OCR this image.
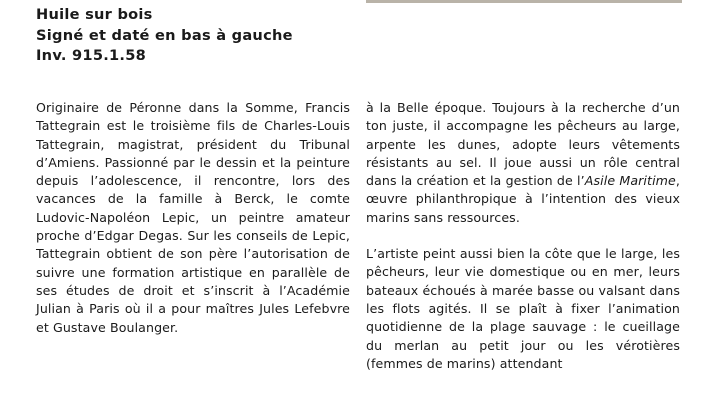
Huile sur bois
Signé et daté en bas à gauche
Inv. 915.1.58

Originaire de Péronne dans la Somme, Francis Tattegrain est le troisième fils de Charles-Louis Tattegrain, magistrat, président du Tribunal d’Amiens. Passionné par le dessin et la peinture depuis l’adolescence, il rencontre, lors des vacances de la famille à Berck, le comte Ludovic-Napoléon Lepic, un peintre amateur proche d’Edgar Degas. Sur les conseils de Lepic, Tattegrain obtient de son père l’autorisation de suivre une formation artistique en parallèle de ses études de droit et s’inscrit à l’Académie Julian à Paris où il a pour maîtres Jules Lefebvre et Gustave Boulanger.

à la Belle époque. Toujours à la recherche d’un ton juste, il accompagne les pêcheurs au large, arpente les dunes, adopte leurs vêtements résistants au sel. Il joue aussi un rôle central dans la création et la gestion de l’Asile Maritime, œuvre philanthropique à l’intention des vieux marins sans ressources.

L’artiste peint aussi bien la côte que le large, les pêcheurs, leur vie domestique ou en mer, leurs bateaux échoués à marée basse ou valsant dans les flots agités. Il se plaît à fixer l’animation quotidienne de la plage sauvage : le cueillage du merlan au petit jour ou les vérotières (femmes de marins) attendant
